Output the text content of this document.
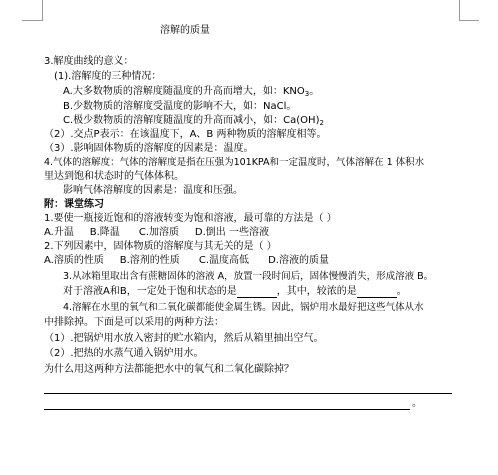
溶解的质量
3.解度曲线的意义：
(1).溶解度的三种情况：
A.大多数物质的溶解度随温度的升高而增大，如：$KNO_3$。
B.少数物质的溶解度受温度的影响不大，如：NaCl。
C.极少数物质的溶解度随温度的升高而减小，如：$Ca(OH)_2$
（2）.交点P表示：在该温度下，A、B 两种物质的溶解度相等。
（3）.影响固体物质的溶解度的因素是：温度。
4.气体的溶解度：气体的溶解度是指在压强为101KPA和一定温度时，气体溶解在 1 体积水
里达到饱和状态时的气体体积。
影响气体溶解度的因素是：温度和压强。
附：课堂练习
1.要使一瓶接近饱和的溶液转变为饱和溶液，最可靠的方法是（ ）
A.升温     B.降温      C.加溶质     D.倒出 一些溶液
2.下列因素中，固体物质的溶解度与其无关的是（ ）
A.溶质的性质     B.溶剂的性质      C.温度高低      D.溶液的质量
3.从冰箱里取出含有蔗糖固体的溶液 A，放置一段时间后，固体慢慢消失，形成溶液 B。
对于溶液A和B，一定处于饱和状态的是	，其中，较浓的是	。
4.溶解在水里的氧气和二氧化碳都能使金属生锈。因此，锅炉用水最好把这些气体从水
中排除掉。下面是可以采用的两种方法：
（1）.把锅炉用水放入密封的贮水箱内，然后从箱里抽出空气。
（2）.把热的水蒸气通入锅炉用水。
为什么用这两种方法都能把水中的氧气和二氧化碳除掉？
。
